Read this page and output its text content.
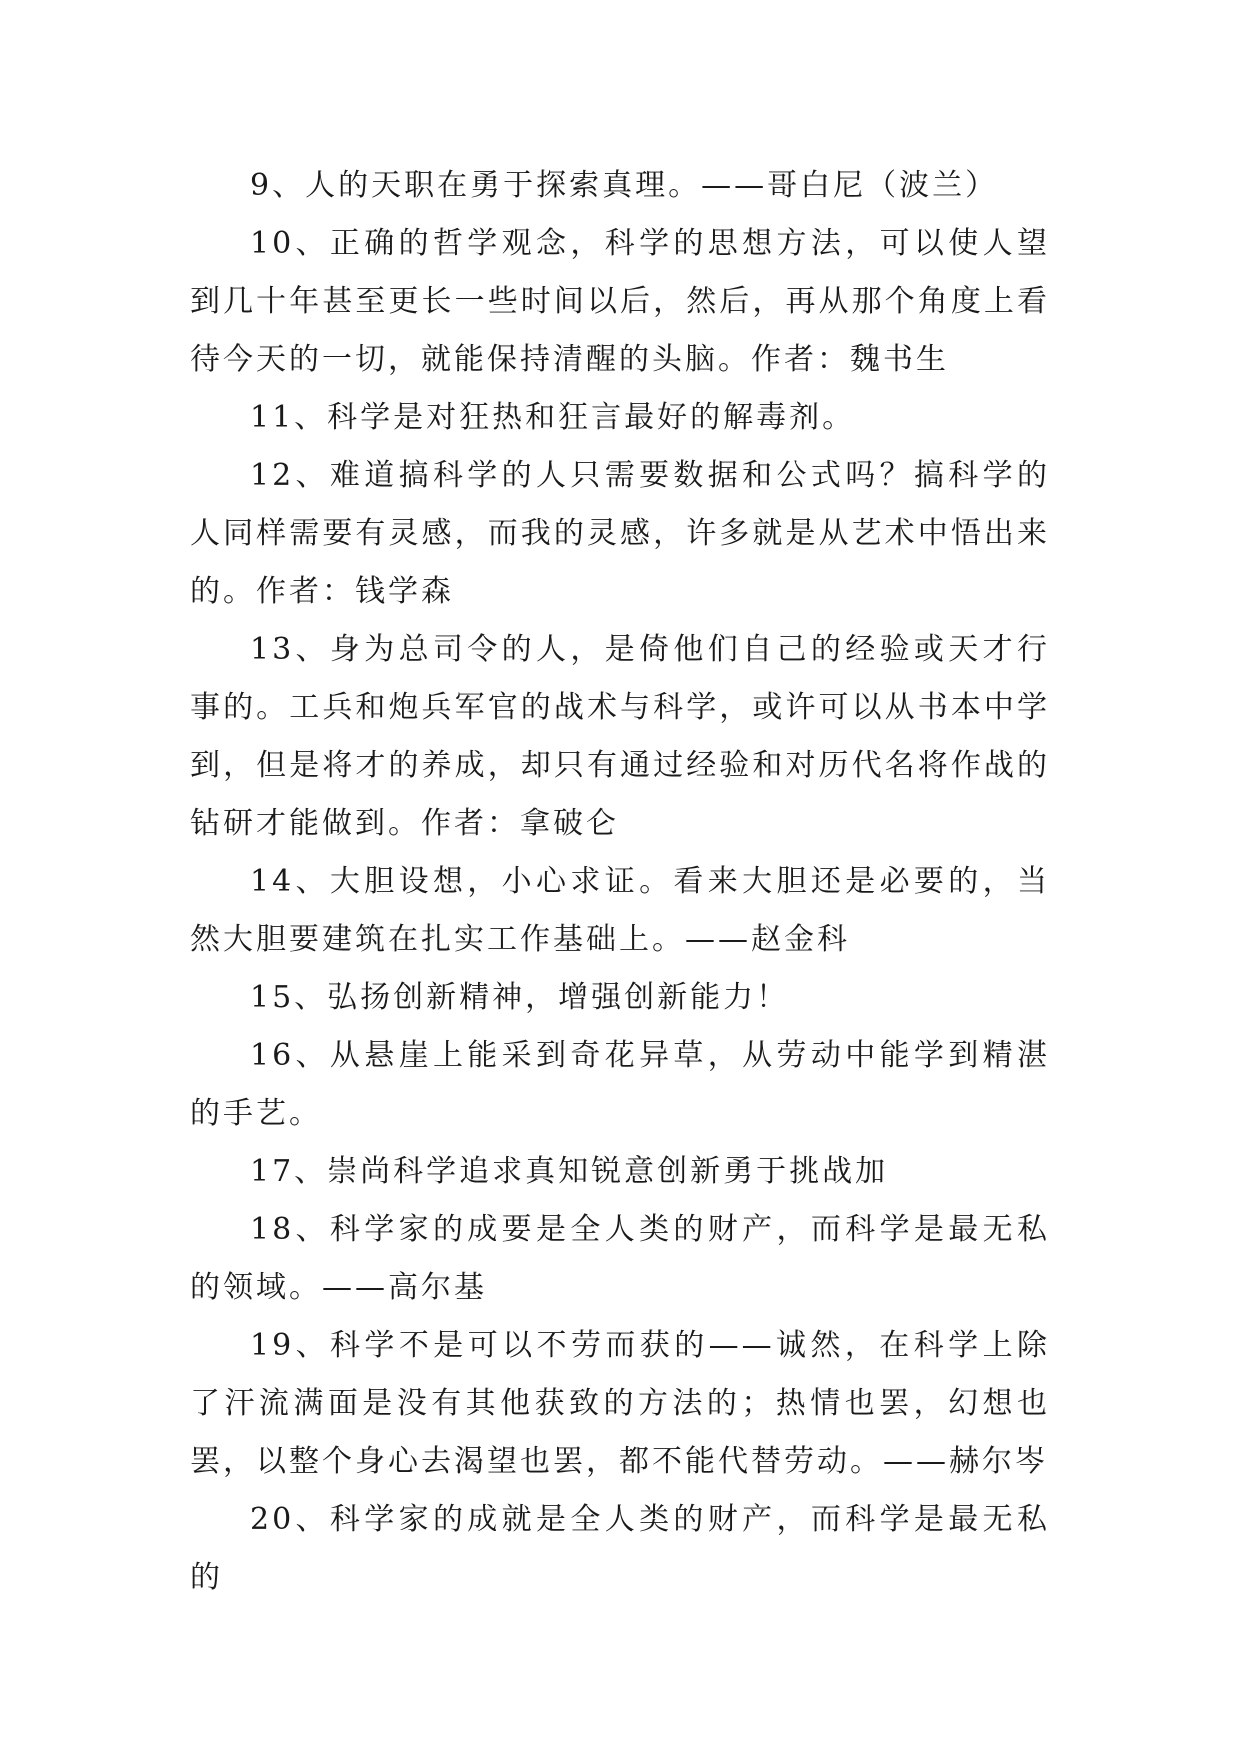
9、人的天职在勇于探索真理。——哥白尼（波兰）

10、正确的哲学观念，科学的思想方法，可以使人望到几十年甚至更长一些时间以后，然后，再从那个角度上看待今天的一切，就能保持清醒的头脑。作者：魏书生

11、科学是对狂热和狂言最好的解毒剂。

12、难道搞科学的人只需要数据和公式吗？搞科学的人同样需要有灵感，而我的灵感，许多就是从艺术中悟出来的。作者：钱学森

13、身为总司令的人，是倚他们自己的经验或天才行事的。工兵和炮兵军官的战术与科学，或许可以从书本中学到，但是将才的养成，却只有通过经验和对历代名将作战的钻研才能做到。作者：拿破仑

14、大胆设想，小心求证。看来大胆还是必要的，当然大胆要建筑在扎实工作基础上。——赵金科

15、弘扬创新精神，增强创新能力！

16、从悬崖上能采到奇花异草，从劳动中能学到精湛的手艺。

17、崇尚科学追求真知锐意创新勇于挑战加

18、科学家的成要是全人类的财产，而科学是最无私的领域。——高尔基

19、科学不是可以不劳而获的——诚然，在科学上除了汗流满面是没有其他获致的方法的；热情也罢，幻想也罢，以整个身心去渴望也罢，都不能代替劳动。——赫尔岑

20、科学家的成就是全人类的财产，而科学是最无私的
